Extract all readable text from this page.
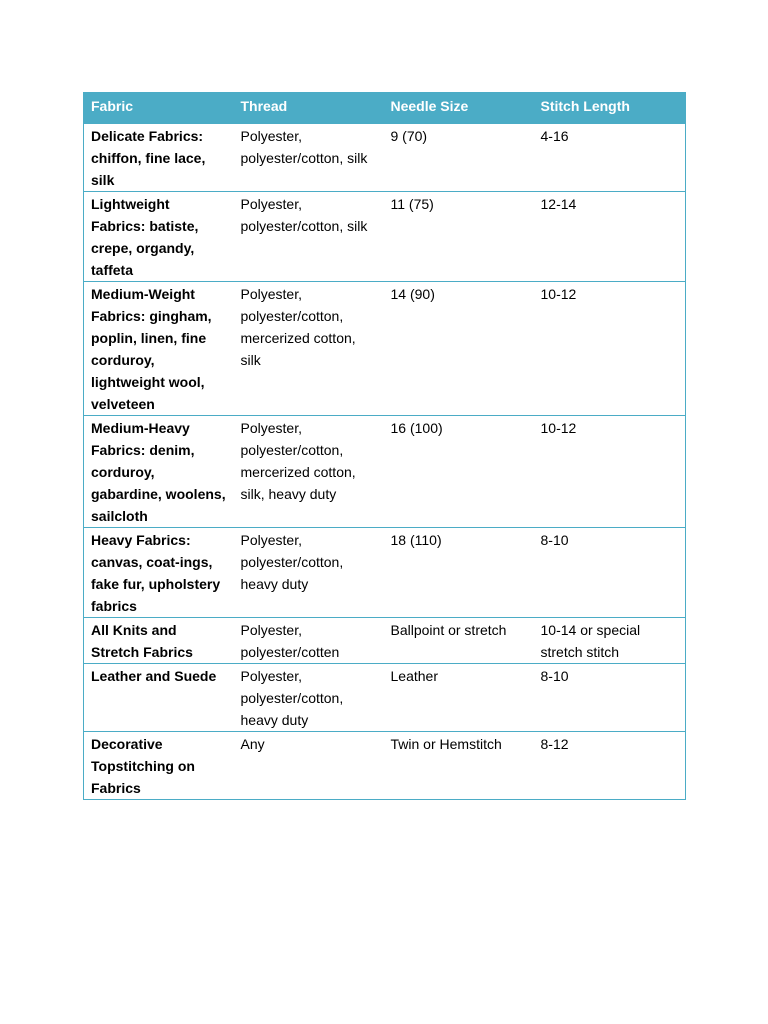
Fabric	Thread	Needle Size	Stitch Length
Delicate Fabrics: chiffon, fine lace, silk	Polyester, polyester/cotton, silk	9 (70)	4-16
Lightweight Fabrics: batiste, crepe, organdy, taffeta	Polyester, polyester/cotton, silk	11 (75)	12-14
Medium-Weight Fabrics: gingham, poplin, linen, fine corduroy, lightweight wool, velveteen	Polyester, polyester/cotton, mercerized cotton, silk	14 (90)	10-12
Medium-Heavy Fabrics: denim, corduroy, gabardine, woolens, sailcloth	Polyester, polyester/cotton, mercerized cotton, silk, heavy duty	16 (100)	10-12
Heavy Fabrics: canvas, coat-ings, fake fur, upholstery fabrics	Polyester, polyester/cotton, heavy duty	18 (110)	8-10
All Knits and Stretch Fabrics	Polyester, polyester/cotten	Ballpoint or stretch	10-14 or special stretch stitch
Leather and Suede	Polyester, polyester/cotton, heavy duty	Leather	8-10
Decorative Topstitching on Fabrics	Any	Twin or Hemstitch	8-12
